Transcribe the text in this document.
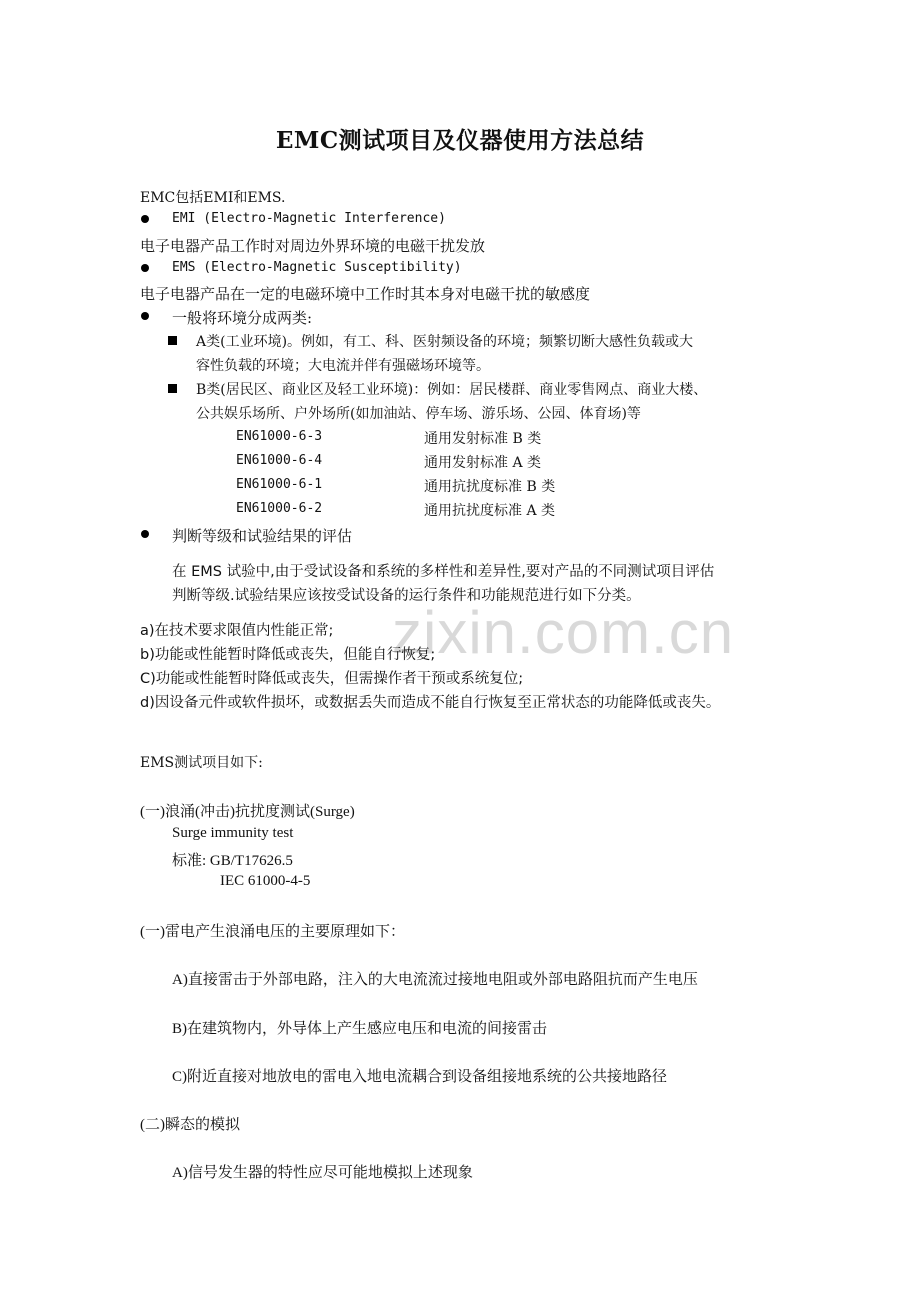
EMC测试项目及仪器使用方法总结
EMC包括EMI和EMS.
EMI (Electro-Magnetic Interference)
电子电器产品工作时对周边外界环境的电磁干扰发放
EMS (Electro-Magnetic Susceptibility)
电子电器产品在一定的电磁环境中工作时其本身对电磁干扰的敏感度
一般将环境分成两类:
A类(工业环境)。例如，有工、科、医射频设备的环境；频繁切断大感性负载或大
容性负载的环境；大电流并伴有强磁场环境等。
B类(居民区、商业区及轻工业环境)：例如：居民楼群、商业零售网点、商业大楼、
公共娱乐场所、户外场所(如加油站、停车场、游乐场、公园、体育场)等
EN61000-6-3	通用发射标准 B 类
EN61000-6-4	通用发射标准 A 类
EN61000-6-1	通用抗扰度标准 B 类
EN61000-6-2	通用抗扰度标准 A 类
判断等级和试验结果的评估
在 EMS 试验中,由于受试设备和系统的多样性和差异性,要对产品的不同测试项目评估
判断等级.试验结果应该按受试设备的运行条件和功能规范进行如下分类。
zixin.com.cn
a)在技术要求限值内性能正常;
b)功能或性能暂时降低或丧失，但能自行恢复;
C)功能或性能暂时降低或丧失，但需操作者干预或系统复位;
d)因设备元件或软件损坏，或数据丢失而造成不能自行恢复至正常状态的功能降低或丧失。
EMS测试项目如下:
(一)浪涌(冲击)抗扰度测试(Surge)
Surge immunity test
标准: GB/T17626.5
IEC 61000-4-5
(一)雷电产生浪涌电压的主要原理如下：
A)直接雷击于外部电路，注入的大电流流过接地电阻或外部电路阻抗而产生电压
B)在建筑物内，外导体上产生感应电压和电流的间接雷击
C)附近直接对地放电的雷电入地电流耦合到设备组接地系统的公共接地路径
(二)瞬态的模拟
A)信号发生器的特性应尽可能地模拟上述现象
